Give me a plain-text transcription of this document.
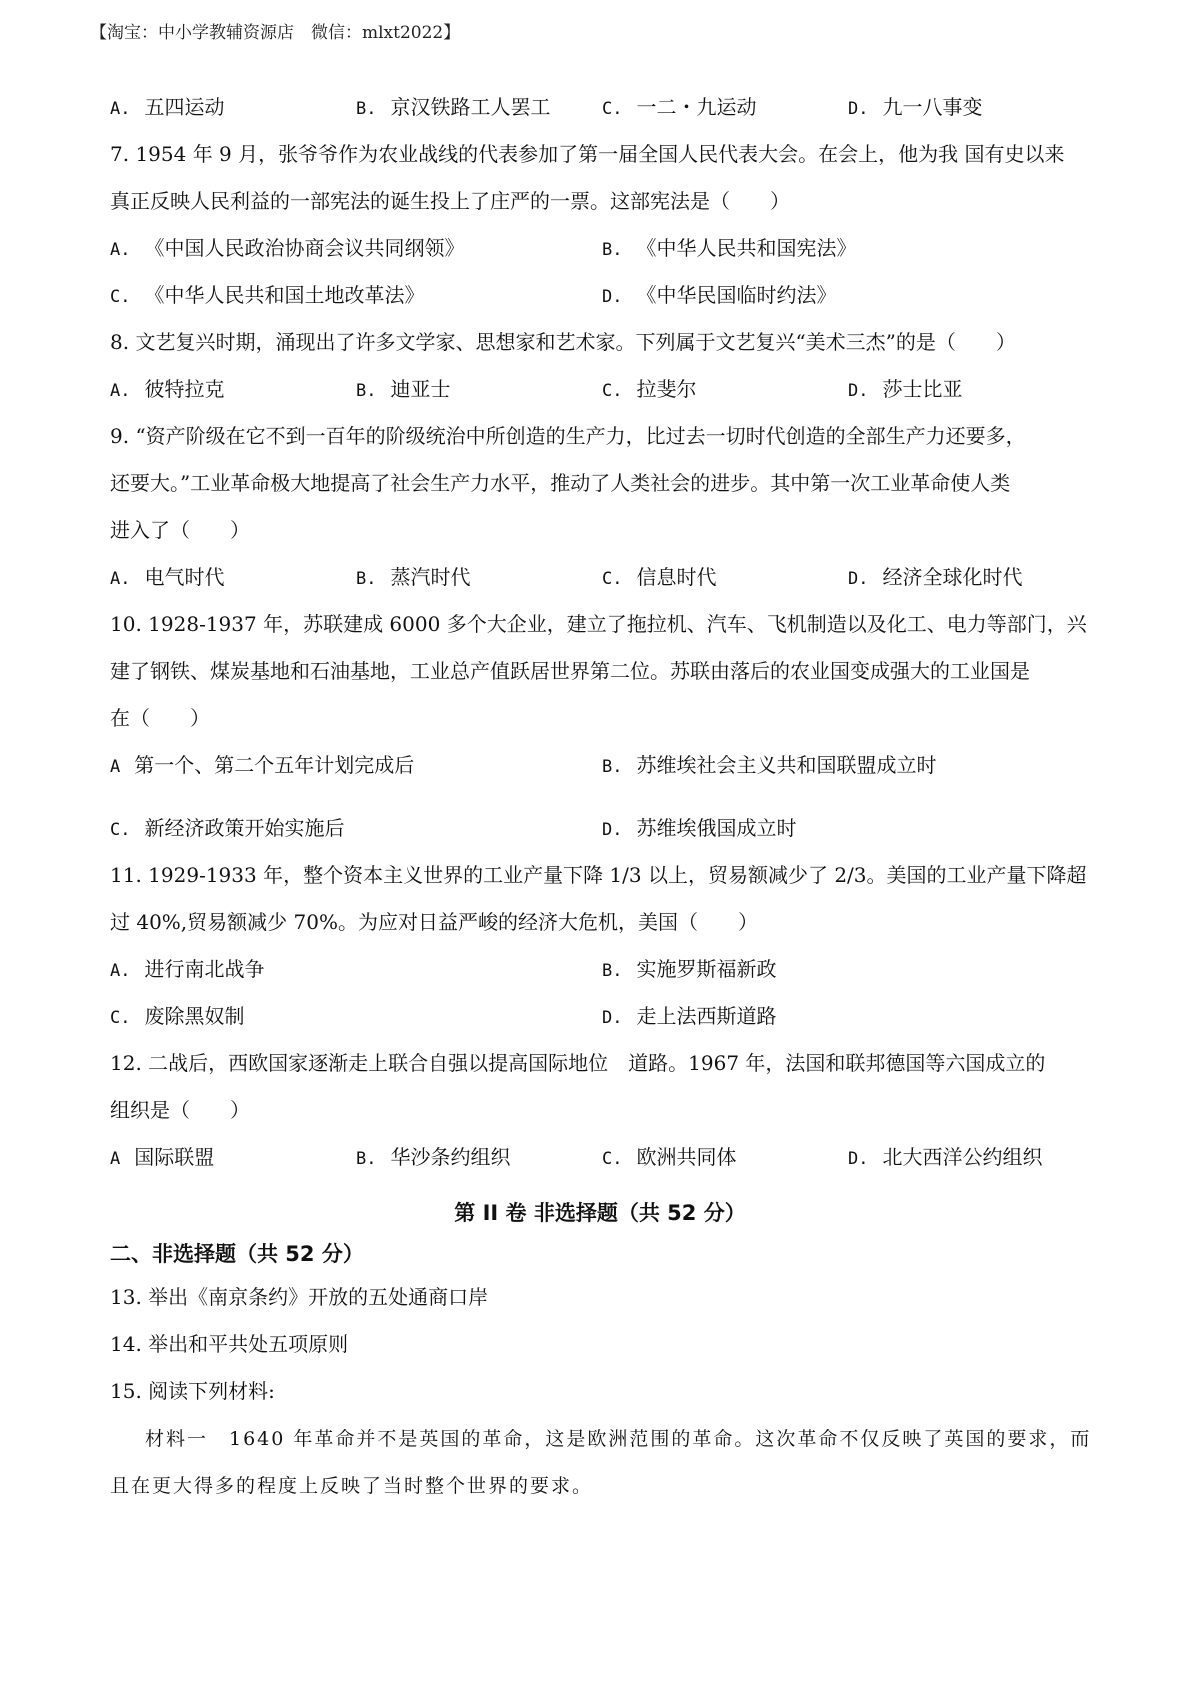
【淘宝：中小学教辅资源店　微信：mlxt2022】
A. 五四运动	B. 京汉铁路工人罢工	C. 一二・九运动	D. 九一八事变
7. 1954 年 9 月，张爷爷作为农业战线的代表参加了第一届全国人民代表大会。在会上，他为我 国有史以来
真正反映人民利益的一部宪法的诞生投上了庄严的一票。这部宪法是（　　）
A. 《中国人民政治协商会议共同纲领》	B. 《中华人民共和国宪法》
C. 《中华人民共和国土地改革法》	D. 《中华民国临时约法》
8. 文艺复兴时期，涌现出了许多文学家、思想家和艺术家。下列属于文艺复兴“美术三杰”的是（　　）
A. 彼特拉克	B. 迪亚士	C. 拉斐尔	D. 莎士比亚
9. “资产阶级在它不到一百年的阶级统治中所创造的生产力，比过去一切时代创造的全部生产力还要多，
还要大。”工业革命极大地提高了社会生产力水平，推动了人类社会的进步。其中第一次工业革命使人类
进入了（　　）
A. 电气时代	B. 蒸汽时代	C. 信息时代	D. 经济全球化时代
10. 1928-1937 年，苏联建成 6000 多个大企业，建立了拖拉机、汽车、飞机制造以及化工、电力等部门，兴
建了钢铁、煤炭基地和石油基地，工业总产值跃居世界第二位。苏联由落后的农业国变成强大的工业国是
在（　　）
A 第一个、第二个五年计划完成后	B. 苏维埃社会主义共和国联盟成立时
C. 新经济政策开始实施后	D. 苏维埃俄国成立时
11. 1929-1933 年，整个资本主义世界的工业产量下降 1/3 以上，贸易额减少了 2/3。美国的工业产量下降超
过 40%,贸易额减少 70%。为应对日益严峻的经济大危机，美国（　　）
A. 进行南北战争	B. 实施罗斯福新政
C. 废除黑奴制	D. 走上法西斯道路
12. 二战后，西欧国家逐渐走上联合自强以提高国际地位　道路。1967 年，法国和联邦德国等六国成立的
组织是（　　）
A 国际联盟	B. 华沙条约组织	C. 欧洲共同体	D. 北大西洋公约组织
第 II 卷 非选择题（共 52 分）
二、非选择题（共 52 分）
13. 举出《南京条约》开放的五处通商口岸
14. 举出和平共处五项原则
15. 阅读下列材料:
材料一　1640 年革命并不是英国的革命，这是欧洲范围的革命。这次革命不仅反映了英国的要求，而
且在更大得多的程度上反映了当时整个世界的要求。
